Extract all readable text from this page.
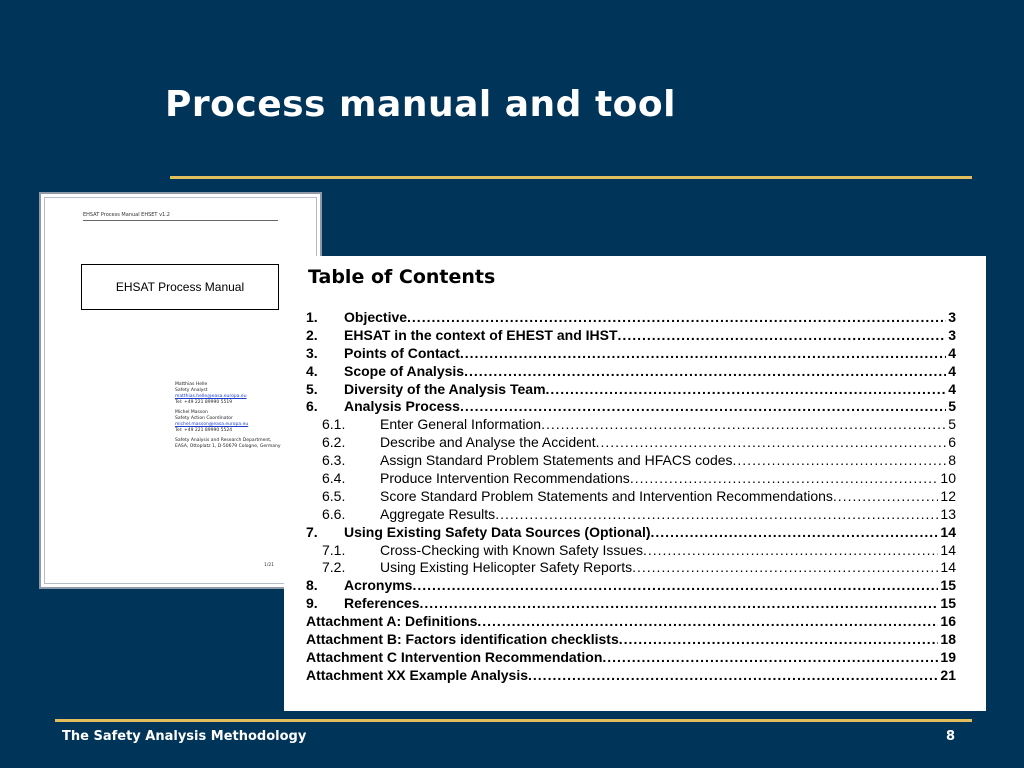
Process manual and tool
EHSAT Process Manual EHSET v1.2
EHSAT Process Manual
Matthias Helle
Safety Analyst
matthias.helle@easa.europa.eu
Tel: +49 221 89990 5519
Michel Masson
Safety Action Coordinator
michel.masson@easa.europa.eu
Tel: +49 221 89990 5524
Safety Analysis and Research Department,
EASA, Ottoplatz 1, D-50679 Cologne, Germany
1/21
Table of Contents
1.	Objective .....	3
2.	EHSAT in the context of EHEST and IHST .....	3
3.	Points of Contact .....	4
4.	Scope of Analysis .....	4
5.	Diversity of the Analysis Team .....	4
6.	Analysis Process .....	5
6.1.	Enter General Information .....	5
6.2.	Describe and Analyse the Accident .....	6
6.3.	Assign Standard Problem Statements and HFACS codes .....	8
6.4.	Produce Intervention Recommendations .....	10
6.5.	Score Standard Problem Statements and Intervention Recommendations .....	12
6.6.	Aggregate Results .....	13
7.	Using Existing Safety Data Sources (Optional) .....	14
7.1.	Cross-Checking with Known Safety Issues .....	14
7.2.	Using Existing Helicopter Safety Reports .....	14
8.	Acronyms .....	15
9.	References .....	15
Attachment A: Definitions .....	16
Attachment B: Factors identification checklists .....	18
Attachment C Intervention Recommendation .....	19
Attachment XX Example Analysis .....	21
The Safety Analysis Methodology	8
